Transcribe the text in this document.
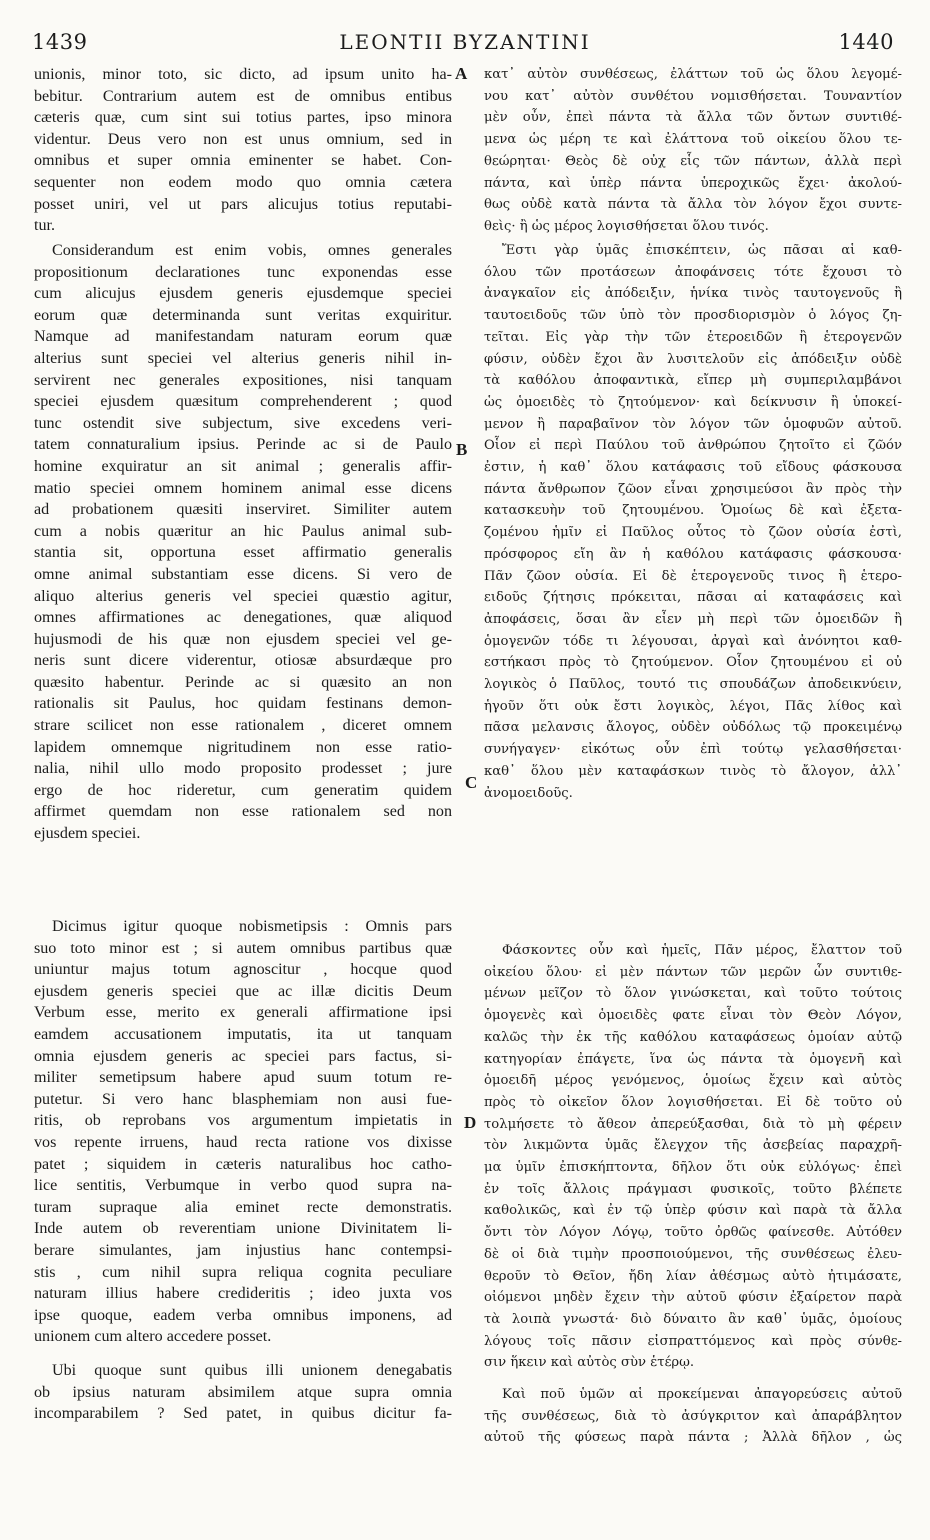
1439	LEONTII BYZANTINI	1440
A
B
C
D
unionis, minor toto, sic dicto, ad ipsum unito ha-
bebitur. Contrarium autem est de omnibus entibus
cæteris quæ, cum sint sui totius partes, ipso minora
videntur. Deus vero non est unus omnium, sed in
omnibus et super omnia eminenter se habet. Con-
sequenter non eodem modo quo omnia cætera
posset uniri, vel ut pars alicujus totius reputabi-
tur.
Considerandum est enim vobis, omnes generales
propositionum declarationes tunc exponendas esse
cum alicujus ejusdem generis ejusdemque speciei
eorum quæ determinanda sunt veritas exquiritur.
Namque ad manifestandam naturam eorum quæ
alterius sunt speciei vel alterius generis nihil in-
servirent nec generales expositiones, nisi tanquam
speciei ejusdem quæsitum comprehenderent ; quod
tunc ostendit sive subjectum, sive excedens veri-
tatem connaturalium ipsius. Perinde ac si de Paulo
homine exquiratur an sit animal ; generalis affir-
matio speciei omnem hominem animal esse dicens
ad probationem quæsiti inserviret. Similiter autem
cum a nobis quæritur an hic Paulus animal sub-
stantia sit, opportuna esset affirmatio generalis
omne animal substantiam esse dicens. Si vero de
aliquo alterius generis vel speciei quæstio agitur,
omnes affirmationes ac denegationes, quæ aliquod
hujusmodi de his quæ non ejusdem speciei vel ge-
neris sunt dicere viderentur, otiosæ absurdæque pro
quæsito habentur. Perinde ac si quæsito an non
rationalis sit Paulus, hoc quidam festinans demon-
strare scilicet non esse rationalem , diceret omnem
lapidem omnemque nigritudinem non esse ratio-
nalia, nihil ullo modo proposito prodesset ; jure
ergo de hoc rideretur, cum generatim quidem
affirmet quemdam non esse rationalem sed non
ejusdem speciei.
Dicimus igitur quoque nobismetipsis : Omnis pars
suo toto minor est ; si autem omnibus partibus quæ
uniuntur majus totum agnoscitur , hocque quod
ejusdem generis speciei que ac illæ dicitis Deum
Verbum esse, merito ex generali affirmatione ipsi
eamdem accusationem imputatis, ita ut tanquam
omnia ejusdem generis ac speciei pars factus, si-
militer semetipsum habere apud suum totum re-
putetur. Si vero hanc blasphemiam non ausi fue-
ritis, ob reprobans vos argumentum impietatis in
vos repente irruens, haud recta ratione vos dixisse
patet ; siquidem in cæteris naturalibus hoc catho-
lice sentitis, Verbumque in verbo quod supra na-
turam supraque alia eminet recte demonstratis.
Inde autem ob reverentiam unione Divinitatem li-
berare simulantes, jam injustius hanc contempsi-
stis , cum nihil supra reliqua cognita peculiare
naturam illius habere credideritis ; ideo juxta vos
ipse quoque, eadem verba omnibus imponens, ad
unionem cum altero accedere posset.
Ubi quoque sunt quibus illi unionem denegabatis
ob ipsius naturam absimilem atque supra omnia
incomparabilem ? Sed patet, in quibus dicitur fa-
κατ᾽ αὐτὸν συνθέσεως, ἐλάττων τοῦ ὡς ὅλου λεγομέ-
νου κατ᾽ αὐτὸν συνθέτου νομισθήσεται. Τουναντίον
μὲν οὖν, ἐπεὶ πάντα τὰ ἄλλα τῶν ὄντων συντιθέ-
μενα ὡς μέρη τε καὶ ἐλάττονα τοῦ οἰκείου ὅλου τε-
θεώρηται· Θεὸς δὲ οὐχ εἷς τῶν πάντων, ἀλλὰ περὶ
πάντα, καὶ ὑπὲρ πάντα ὑπεροχικῶς ἔχει· ἀκολού-
θως οὐδὲ κατὰ πάντα τὰ ἄλλα τὸν λόγον ἔχοι συντε-
θεὶς· ἢ ὡς μέρος λογισθήσεται ὅλου τινός.
Ἔστι γὰρ ὑμᾶς ἐπισκέπτειν, ὡς πᾶσαι αἱ καθ-
όλου τῶν προτάσεων ἀποφάνσεις τότε ἔχουσι τὸ
ἀναγκαῖον εἰς ἀπόδειξιν, ἡνίκα τινὸς ταυτογενοῦς ἢ
ταυτοειδοῦς τῶν ὑπὸ τὸν προσδιορισμὸν ὁ λόγος ζη-
τεῖται. Εἰς γὰρ τὴν τῶν ἑτεροειδῶν ἢ ἑτερογενῶν
φύσιν, οὐδὲν ἔχοι ἂν λυσιτελοῦν εἰς ἀπόδειξιν οὐδὲ
τὰ καθόλου ἀποφαντικὰ, εἴπερ μὴ συμπεριλαμβάνοι
ὡς ὁμοειδὲς τὸ ζητούμενον· καὶ δείκνυσιν ἢ ὑποκεί-
μενον ἢ παραβαῖνον τὸν λόγον τῶν ὁμοφυῶν αὐτοῦ.
Οἷον εἰ περὶ Παύλου τοῦ ἀνθρώπου ζητοῖτο εἰ ζῶόν
ἐστιν, ἡ καθ᾽ ὅλου κατάφασις τοῦ εἴδους φάσκουσα
πάντα ἄνθρωπον ζῶον εἶναι χρησιμεύσοι ἂν πρὸς τὴν
κατασκευὴν τοῦ ζητουμένου. Ὁμοίως δὲ καὶ ἐξετα-
ζομένου ἡμῖν εἰ Παῦλος οὗτος τὸ ζῶον οὐσία ἐστὶ,
πρόσφορος εἴη ἂν ἡ καθόλου κατάφασις φάσκουσα·
Πᾶν ζῶον οὐσία. Εἰ δὲ ἑτερογενοῦς τινος ἢ ἑτερο-
ειδοῦς ζήτησις πρόκειται, πᾶσαι αἱ καταφάσεις καὶ
ἀποφάσεις, ὅσαι ἂν εἶεν μὴ περὶ τῶν ὁμοειδῶν ἢ
ὁμογενῶν τόδε τι λέγουσαι, ἀργαὶ καὶ ἀνόνητοι καθ-
εστήκασι πρὸς τὸ ζητούμενον. Οἷον ζητουμένου εἰ οὐ
λογικὸς ὁ Παῦλος, τουτό τις σπουδάζων ἀποδεικνύειν,
ἡγοῦν ὅτι οὐκ ἔστι λογικὸς, λέγοι, Πᾶς λίθος καὶ
πᾶσα μελανσις ἄλογος, οὐδὲν οὐδόλως τῷ προκειμένῳ
συνήγαγεν· εἰκότως οὖν ἐπὶ τούτῳ γελασθήσεται·
καθ᾽ ὅλου μὲν καταφάσκων τινὸς τὸ ἄλογον, ἀλλ᾽
ἀνομοειδοῦς.
Φάσκοντες οὖν καὶ ἡμεῖς, Πᾶν μέρος, ἔλαττον τοῦ
οἰκείου ὅλου· εἰ μὲν πάντων τῶν μερῶν ὧν συντιθε-
μένων μεῖζον τὸ ὅλον γινώσκεται, καὶ τοῦτο τούτοις
ὁμογενὲς καὶ ὁμοειδὲς φατε εἶναι τὸν Θεὸν Λόγον,
καλῶς τὴν ἐκ τῆς καθόλου καταφάσεως ὁμοίαν αὐτῷ
κατηγορίαν ἐπάγετε, ἵνα ὡς πάντα τὰ ὁμογενῆ καὶ
ὁμοειδῆ μέρος γενόμενος, ὁμοίως ἔχειν καὶ αὐτὸς
πρὸς τὸ οἰκεῖον ὅλον λογισθήσεται. Εἰ δὲ τοῦτο οὐ
τολμήσετε τὸ ἄθεον ἀπερεύξασθαι, διὰ τὸ μὴ φέρειν
τὸν λικμῶντα ὑμᾶς ἔλεγχον τῆς ἀσεβείας παραχρῆ-
μα ὑμῖν ἐπισκήπτοντα, δῆλον ὅτι οὐκ εὐλόγως· ἐπεὶ
ἐν τοῖς ἄλλοις πράγμασι φυσικοῖς, τοῦτο βλέπετε
καθολικῶς, καὶ ἐν τῷ ὑπὲρ φύσιν καὶ παρὰ τὰ ἄλλα
ὄντι τὸν Λόγον Λόγῳ, τοῦτο ὀρθῶς φαίνεσθε. Αὐτόθεν
δὲ οἱ διὰ τιμὴν προσποιούμενοι, τῆς συνθέσεως ἐλευ-
θεροῦν τὸ Θεῖον, ἤδη λίαν ἀθέσμως αὐτὸ ἠτιμάσατε,
οἰόμενοι μηδὲν ἔχειν τὴν αὐτοῦ φύσιν ἐξαίρετον παρὰ
τὰ λοιπὰ γνωστά· διὸ δύναιτο ἂν καθ᾽ ὑμᾶς, ὁμοίους
λόγους τοῖς πᾶσιν εἰσπραττόμενος καὶ πρὸς σύνθε-
σιν ἥκειν καὶ αὐτὸς σὺν ἑτέρῳ.
Καὶ ποῦ ὑμῶν αἱ προκείμεναι ἀπαγορεύσεις αὐτοῦ
τῆς συνθέσεως, διὰ τὸ ἀσύγκριτον καὶ ἀπαράβλητον
αὐτοῦ τῆς φύσεως παρὰ πάντα ; Ἀλλὰ δῆλον , ὡς
